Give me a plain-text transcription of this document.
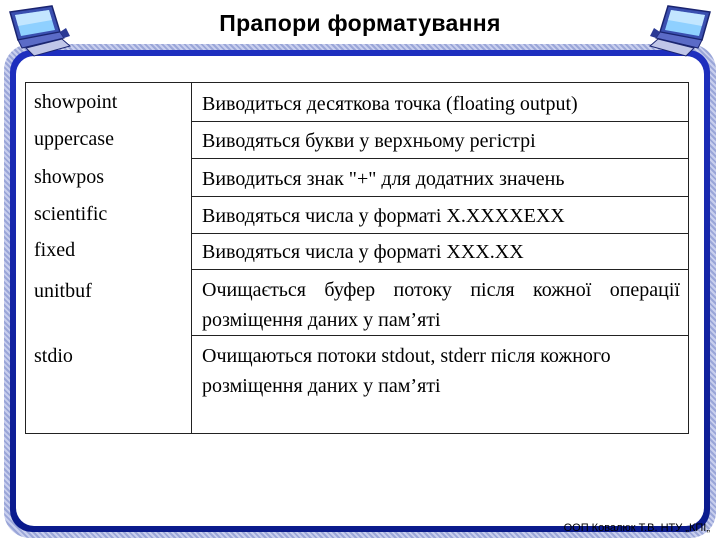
Прапори форматування
showpoint	Виводиться десяткова точка (floating output)
uppercase	Виводяться букви у верхньому регістрі
showpos	Виводиться знак "+" для додатних значень
scientific	Виводяться числа у форматі X.XXXXEXX
fixed	Виводяться числа у форматі XXX.XX
unitbuf	Очищається буфер потоку після кожної операції розміщення даних у пам’яті
stdio	Очищаються потоки stdout, stderr після кожного розміщення даних у пам’яті
ООП Ковалюк Т.В. НТУ „КПІ„
